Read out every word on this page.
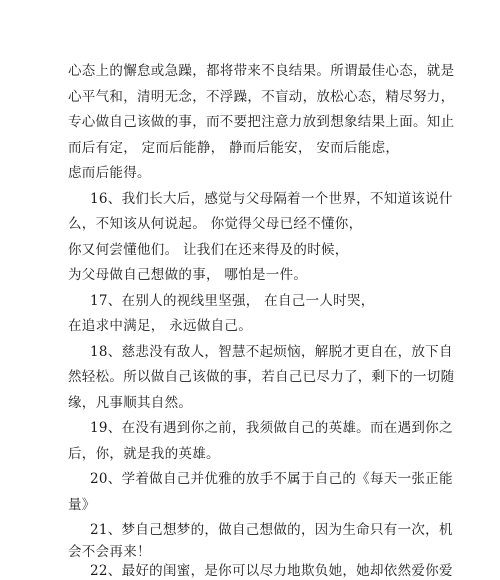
心态上的懈怠或急躁，都将带来不良结果。所谓最佳心态，就是
心平气和，清明无念，不浮躁，不盲动，放松心态，精尽努力，
专心做自己该做的事，而不要把注意力放到想象结果上面。知止
而后有定， 定而后能静， 静而后能安， 安而后能虑，
虑而后能得。
16、我们长大后，感觉与父母隔着一个世界，不知道该说什
么，不知该从何说起。 你觉得父母已经不懂你，
你又何尝懂他们。 让我们在还来得及的时候，
为父母做自己想做的事， 哪怕是一件。
17、在别人的视线里坚强， 在自己一人时哭，
在追求中满足， 永远做自己。
18、慈悲没有敌人，智慧不起烦恼，解脱才更自在，放下自
然轻松。所以做自己该做的事，若自己已尽力了，剩下的一切随
缘，凡事顺其自然。
19、在没有遇到你之前，我须做自己的英雄。而在遇到你之
后，你，就是我的英雄。
20、学着做自己并优雅的放手不属于自己的《每天一张正能
量》
21、梦自己想梦的，做自己想做的，因为生命只有一次，机
会不会再来！
22、最好的闺蜜，是你可以尽力地欺负她，她却依然爱你爱
